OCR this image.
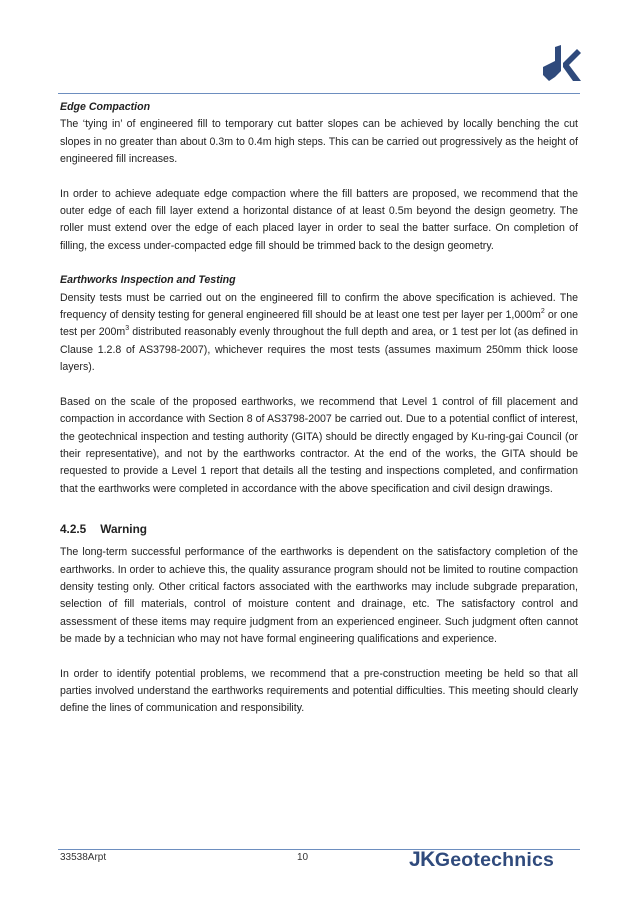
Edge Compaction

The ‘tying in’ of engineered fill to temporary cut batter slopes can be achieved by locally benching the cut slopes in no greater than about 0.3m to 0.4m high steps. This can be carried out progressively as the height of engineered fill increases.

In order to achieve adequate edge compaction where the fill batters are proposed, we recommend that the outer edge of each fill layer extend a horizontal distance of at least 0.5m beyond the design geometry. The roller must extend over the edge of each placed layer in order to seal the batter surface. On completion of filling, the excess under-compacted edge fill should be trimmed back to the design geometry.

Earthworks Inspection and Testing

Density tests must be carried out on the engineered fill to confirm the above specification is achieved. The frequency of density testing for general engineered fill should be at least one test per layer per $1,000m^2$ or one test per $200m^3$ distributed reasonably evenly throughout the full depth and area, or 1 test per lot (as defined in Clause 1.2.8 of AS3798-2007), whichever requires the most tests (assumes maximum 250mm thick loose layers).

Based on the scale of the proposed earthworks, we recommend that Level 1 control of fill placement and compaction in accordance with Section 8 of AS3798-2007 be carried out. Due to a potential conflict of interest, the geotechnical inspection and testing authority (GITA) should be directly engaged by Ku-ring-gai Council (or their representative), and not by the earthworks contractor. At the end of the works, the GITA should be requested to provide a Level 1 report that details all the testing and inspections completed, and confirmation that the earthworks were completed in accordance with the above specification and civil design drawings.

4.2.5 Warning

The long-term successful performance of the earthworks is dependent on the satisfactory completion of the earthworks. In order to achieve this, the quality assurance program should not be limited to routine compaction density testing only. Other critical factors associated with the earthworks may include subgrade preparation, selection of fill materials, control of moisture content and drainage, etc. The satisfactory control and assessment of these items may require judgment from an experienced engineer. Such judgment often cannot be made by a technician who may not have formal engineering qualifications and experience.

In order to identify potential problems, we recommend that a pre-construction meeting be held so that all parties involved understand the earthworks requirements and potential difficulties. This meeting should clearly define the lines of communication and responsibility.

33538Arpt	10	JKGeotechnics
